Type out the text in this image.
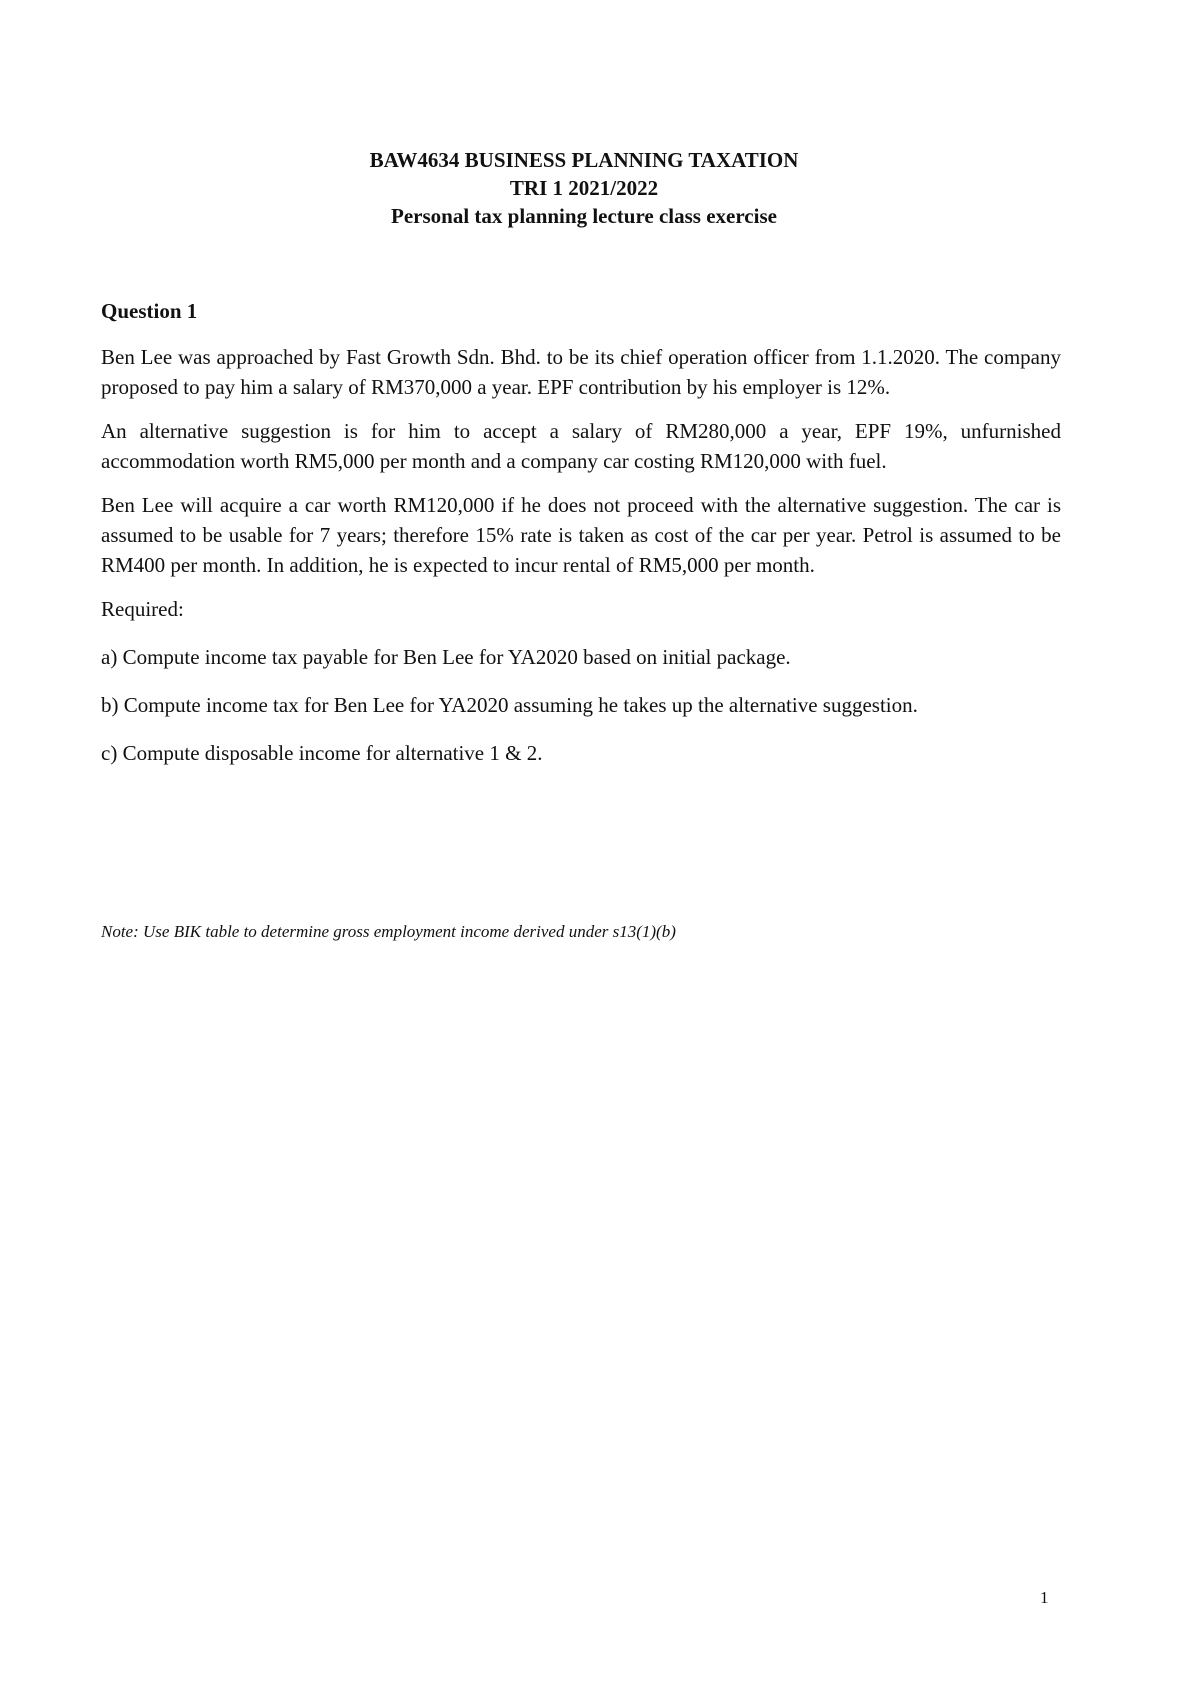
BAW4634 BUSINESS PLANNING TAXATION
TRI 1 2021/2022
Personal tax planning lecture class exercise
Question 1

Ben Lee was approached by Fast Growth Sdn. Bhd. to be its chief operation officer from 1.1.2020. The company proposed to pay him a salary of RM370,000 a year. EPF contribution by his employer is 12%.

An alternative suggestion is for him to accept a salary of RM280,000 a year, EPF 19%, unfurnished accommodation worth RM5,000 per month and a company car costing RM120,000 with fuel.

Ben Lee will acquire a car worth RM120,000 if he does not proceed with the alternative suggestion. The car is assumed to be usable for 7 years; therefore 15% rate is taken as cost of the car per year. Petrol is assumed to be RM400 per month. In addition, he is expected to incur rental of RM5,000 per month.

Required:
a) Compute income tax payable for Ben Lee for YA2020 based on initial package.
b) Compute income tax for Ben Lee for YA2020 assuming he takes up the alternative suggestion.
c) Compute disposable income for alternative 1 & 2.
Note: Use BIK table to determine gross employment income derived under s13(1)(b)
1
